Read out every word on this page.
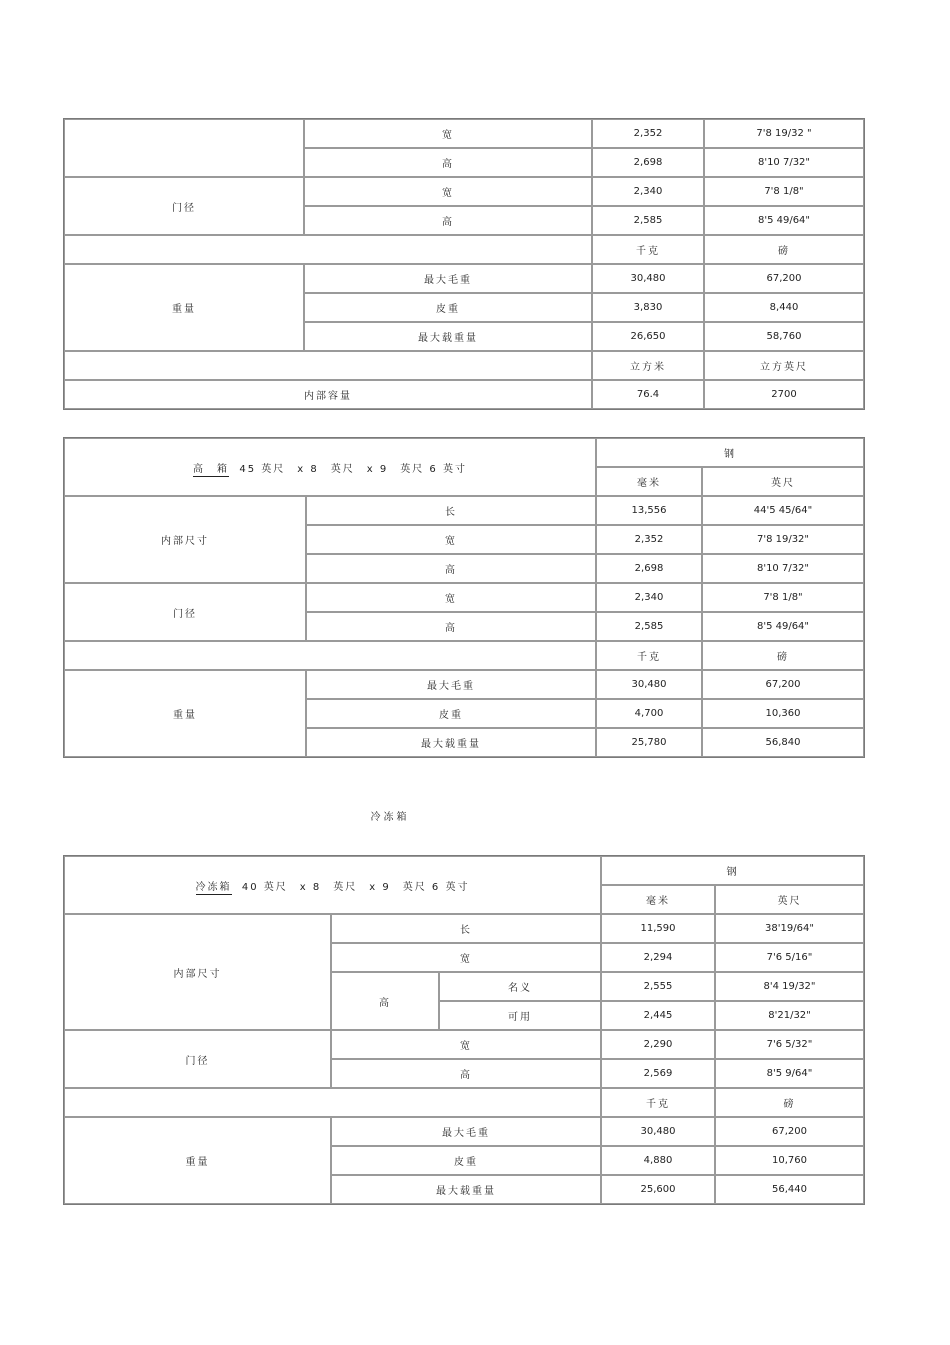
	宽	2,352	7'8 19/32 "
	高	2,698	8'10 7/32"
门径	宽	2,340	7'8 1/8"
	高	2,585	8'5 49/64"
		千克	磅
重量	最大毛重	30,480	67,200
	皮重	3,830	8,440
	最大载重量	26,650	58,760
		立方米	立方英尺
内部容量		76.4	2700
高　箱 45 英尺　x 8　英尺　x 9　英尺 6 英寸		钢	
		毫米	英尺
内部尺寸	长	13,556	44'5 45/64"
	宽	2,352	7'8 19/32"
	高	2,698	8'10 7/32"
门径	宽	2,340	7'8 1/8"
	高	2,585	8'5 49/64"
		千克	磅
重量	最大毛重	30,480	67,200
	皮重	4,700	10,360
	最大载重量	25,780	56,840
冷冻箱
冷冻箱 40 英尺　x 8　英尺　x 9　英尺 6 英寸			钢	
			毫米	英尺
内部尺寸	长		11,590	38'19/64"
	宽		2,294	7'6 5/16"
	高	名义	2,555	8'4 19/32"
		可用	2,445	8'21/32"
门径	宽		2,290	7'6 5/32"
	高		2,569	8'5 9/64"
			千克	磅
重量	最大毛重		30,480	67,200
	皮重		4,880	10,760
	最大载重量		25,600	56,440
